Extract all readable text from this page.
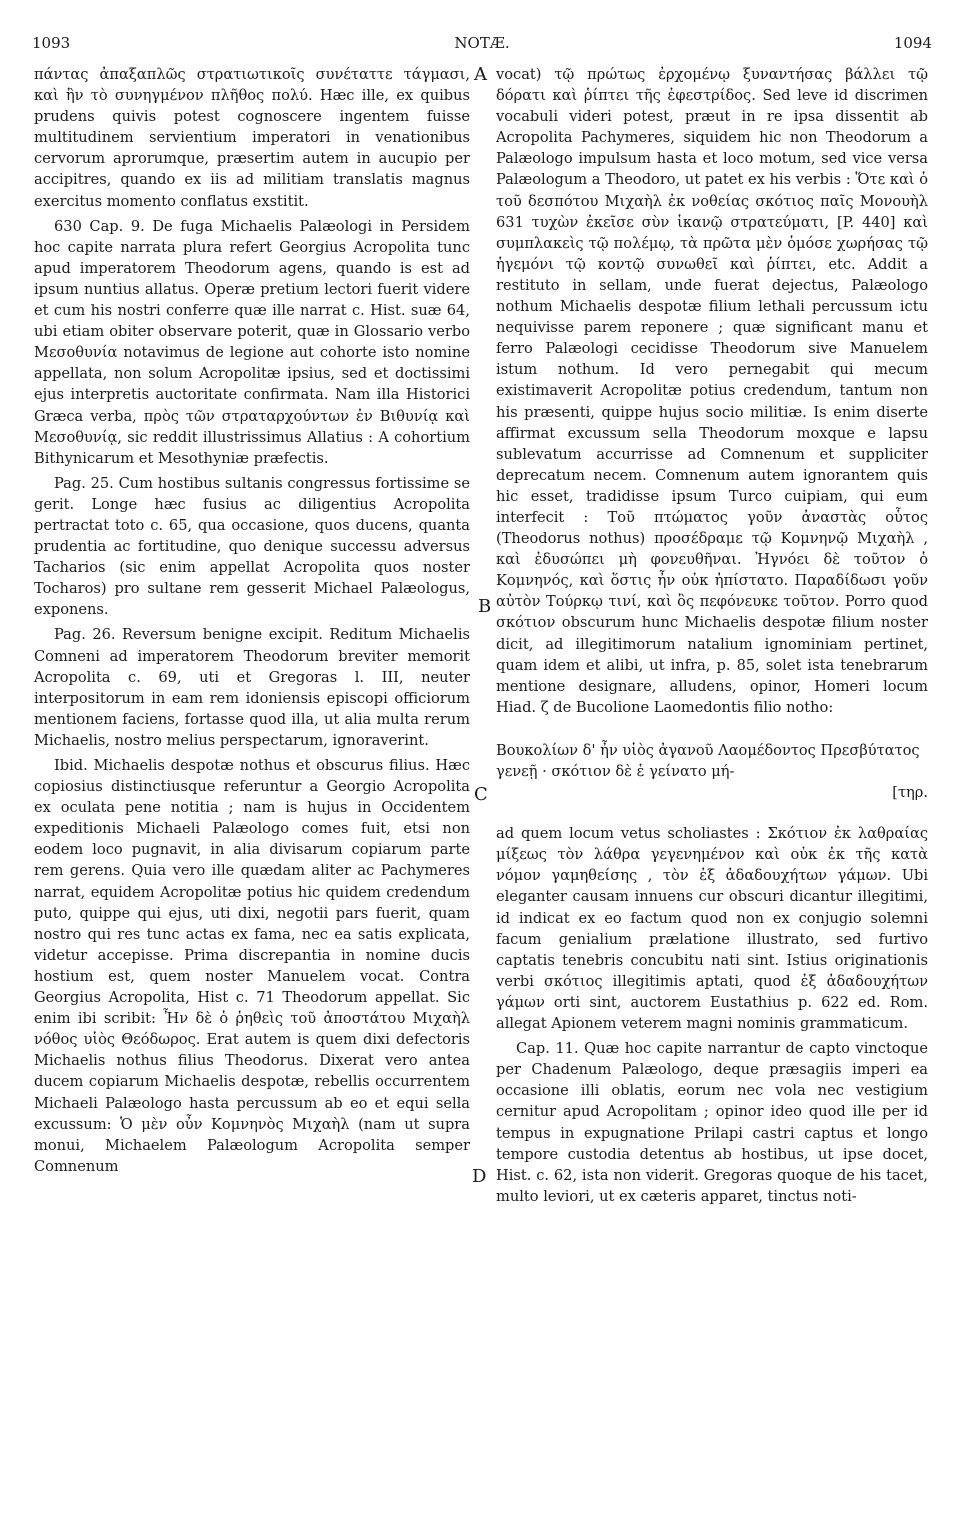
1093	NOTÆ.	1094
A
B
C
D

πάντας ἀπαξαπλῶς στρατιωτικοῖς συνέταττε τάγμασι, καὶ ἣν τὸ συνηγμένον πλῆθος πολύ. Hæc ille, ex quibus prudens quivis potest cognoscere ingentem fuisse multitudinem servientium imperatori in venationibus cervorum aprorumque, præsertim autem in aucupio per accipitres, quando ex iis ad militiam translatis magnus exercitus momento conflatus exstitit.

630 Cap. 9. De fuga Michaelis Palæologi in Persidem hoc capite narrata plura refert Georgius Acropolita tunc apud imperatorem Theodorum agens, quando is est ad ipsum nuntius allatus. Operæ pretium lectori fuerit videre et cum his nostri conferre quæ ille narrat c. Hist. suæ 64, ubi etiam obiter observare poterit, quæ in Glossario verbo Μεσοθυνία notavimus de legione aut cohorte isto nomine appellata, non solum Acropolitæ ipsius, sed et doctissimi ejus interpretis auctoritate confirmata. Nam illa Historici Græca verba, πρὸς τῶν στραταρχούντων ἐν Βιθυνίᾳ καὶ Μεσοθυνίᾳ, sic reddit illustrissimus Allatius : A cohortium Bithynicarum et Mesothyniæ præfectis.

Pag. 25. Cum hostibus sultanis congressus fortissime se gerit. Longe hæc fusius ac diligentius Acropolita pertractat toto c. 65, qua occasione, quos ducens, quanta prudentia ac fortitudine, quo denique successu adversus Tacharios (sic enim appellat Acropolita quos noster Tocharos) pro sultane rem gesserit Michael Palæologus, exponens.

Pag. 26. Reversum benigne excipit. Reditum Michaelis Comneni ad imperatorem Theodorum breviter memorit Acropolita c. 69, uti et Gregoras l. III, neuter interpositorum in eam rem idoniensis episcopi officiorum mentionem faciens, fortasse quod illa, ut alia multa rerum Michaelis, nostro melius perspectarum, ignoraverint.

Ibid. Michaelis despotæ nothus et obscurus filius. Hæc copiosius distinctiusque referuntur a Georgio Acropolita ex oculata pene notitia ; nam is hujus in Occidentem expeditionis Michaeli Palæologo comes fuit, etsi non eodem loco pugnavit, in alia divisarum copiarum parte rem gerens. Quia vero ille quædam aliter ac Pachymeres narrat, equidem Acropolitæ potius hic quidem credendum puto, quippe qui ejus, uti dixi, negotii pars fuerit, quam nostro qui res tunc actas ex fama, nec ea satis explicata, videtur accepisse. Prima discrepantia in nomine ducis hostium est, quem noster Manuelem vocat. Contra Georgius Acropolita, Hist c. 71 Theodorum appellat. Sic enim ibi scribit: Ἦν δὲ ὁ ῥηθεὶς τοῦ ἀποστάτου Μιχαὴλ νόθος υἱὸς Θεόδωρος. Erat autem is quem dixi defectoris Michaelis nothus filius Theodorus. Dixerat vero antea ducem copiarum Michaelis despotæ, rebellis occurrentem Michaeli Palæologo hasta percussum ab eo et equi sella excussum: Ὁ μὲν οὖν Κομνηνὸς Μιχαὴλ (nam ut supra monui, Michaelem Palæologum Acropolita semper Comnenum

vocat) τῷ πρώτως ἐρχομένῳ ξυναντήσας βάλλει τῷ δόρατι καὶ ῥίπτει τῆς ἐφεστρίδος. Sed leve id discrimen vocabuli videri potest, præut in re ipsa dissentit ab Acropolita Pachymeres, siquidem hic non Theodorum a Palæologo impulsum hasta et loco motum, sed vice versa Palæologum a Theodoro, ut patet ex his verbis : Ὅτε καὶ ὁ τοῦ δεσπότου Μιχαὴλ ἐκ νοθείας σκότιος παῖς Μονουὴλ 631 τυχὼν ἐκεῖσε σὺν ἱκανῷ στρατεύματι, [P. 440] καὶ συμπλακεὶς τῷ πολέμῳ, τὰ πρῶτα μὲν ὁμόσε χωρήσας τῷ ἡγεμόνι τῷ κοντῷ συνωθεῖ καὶ ῥίπτει, etc. Addit a restituto in sellam, unde fuerat dejectus, Palæologo nothum Michaelis despotæ filium lethali percussum ictu nequivisse parem reponere ; quæ significant manu et ferro Palæologi cecidisse Theodorum sive Manuelem istum nothum. Id vero pernegabit qui mecum existimaverit Acropolitæ potius credendum, tantum non his præsenti, quippe hujus socio militiæ. Is enim diserte affirmat excussum sella Theodorum moxque e lapsu sublevatum accurrisse ad Comnenum et suppliciter deprecatum necem. Comnenum autem ignorantem quis hic esset, tradidisse ipsum Turco cuipiam, qui eum interfecit : Τοῦ πτώματος γοῦν ἀναστὰς οὗτος (Theodorus nothus) προσέδραμε τῷ Κομνηνῷ Μιχαὴλ , καὶ ἐδυσώπει μὴ φονευθῆναι. Ἠγνόει δὲ τοῦτον ὁ Κομνηνός, καὶ ὅστις ἦν οὐκ ἠπίστατο. Παραδίδωσι γοῦν αὐτὸν Τούρκῳ τινί, καὶ ὃς πεφόνευκε τοῦτον. Porro quod σκότιον obscurum hunc Michaelis despotæ filium noster dicit, ad illegitimorum natalium ignominiam pertinet, quam idem et alibi, ut infra, p. 85, solet ista tenebrarum mentione designare, alludens, opinor, Homeri locum Hiad. ζ de Bucolione Laomedontis filio notho:

Βουκολίων δ' ἦν υἱὸς ἀγανοῦ Λαομέδοντος Πρεσβύτατος γενεῇ · σκότιον δὲ ἑ γείνατο μή-

[τηρ.

ad quem locum vetus scholiastes : Σκότιον ἐκ λαθραίας μίξεως τὸν λάθρα γεγενημένον καὶ οὐκ ἐκ τῆς κατὰ νόμον γαμηθείσης , τὸν ἐξ ἀδαδουχήτων γάμων. Ubi eleganter causam innuens cur obscuri dicantur illegitimi, id indicat ex eo factum quod non ex conjugio solemni facum genialium prælatione illustrato, sed furtivo captatis tenebris concubitu nati sint. Istius originationis verbi σκότιος illegitimis aptati, quod ἐξ ἀδαδουχήτων γάμων orti sint, auctorem Eustathius p. 622 ed. Rom. allegat Apionem veterem magni nominis grammaticum.

Cap. 11. Quæ hoc capite narrantur de capto vinctoque per Chadenum Palæologo, deque præsagiis imperi ea occasione illi oblatis, eorum nec vola nec vestigium cernitur apud Acropolitam ; opinor ideo quod ille per id tempus in expugnatione Prilapi castri captus et longo tempore custodia detentus ab hostibus, ut ipse docet, Hist. c. 62, ista non viderit. Gregoras quoque de his tacet, multo leviori, ut ex cæteris apparet, tinctus noti-
